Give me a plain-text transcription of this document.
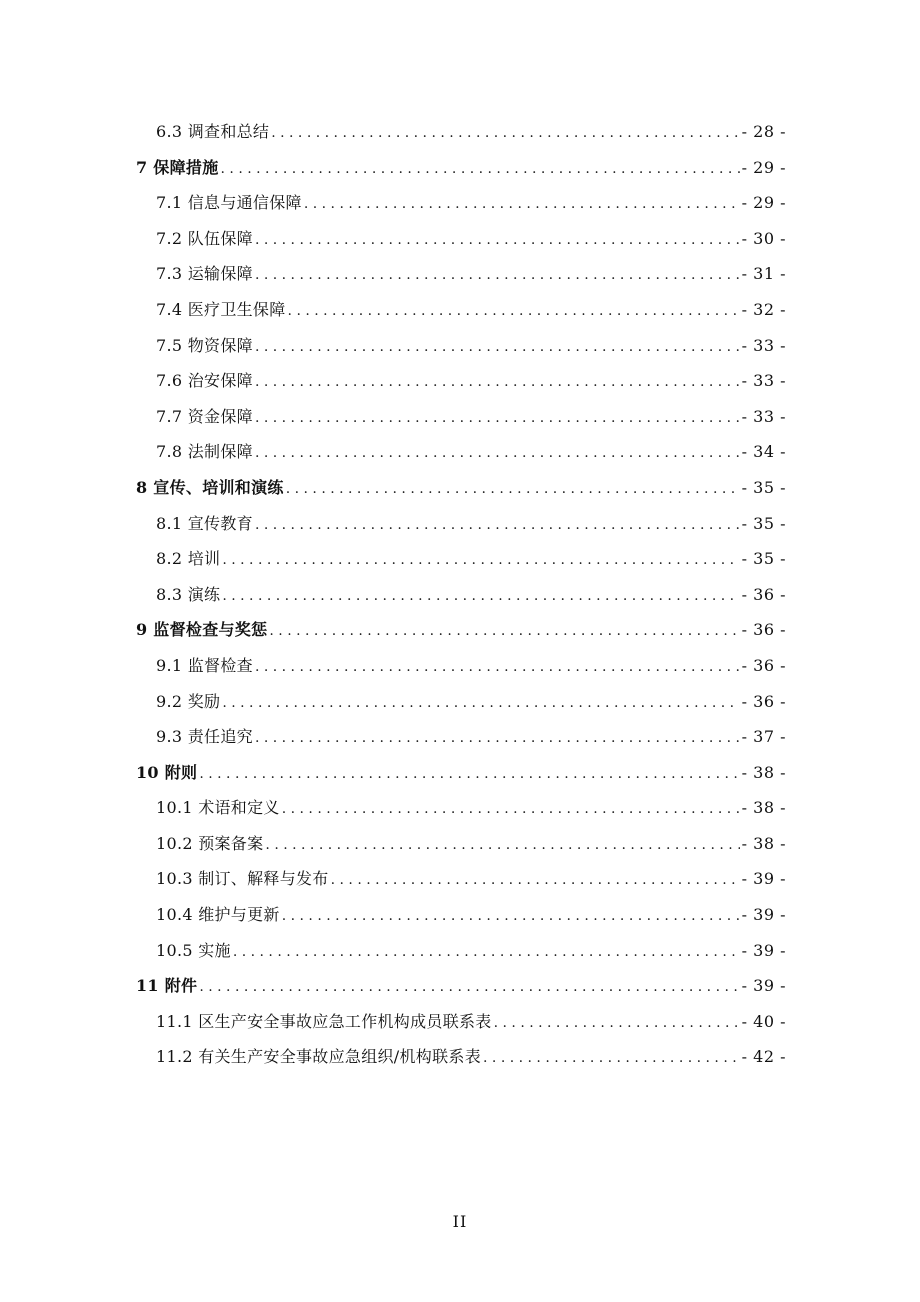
6.3 调查和总结 . . .	- 28 -
7 保障措施 . . .	- 29 -
7.1 信息与通信保障 . . .	- 29 -
7.2 队伍保障 . . .	- 30 -
7.3 运输保障 . . .	- 31 -
7.4 医疗卫生保障 . . .	- 32 -
7.5 物资保障 . . .	- 33 -
7.6 治安保障 . . .	- 33 -
7.7 资金保障 . . .	- 33 -
7.8 法制保障 . . .	- 34 -
8 宣传、培训和演练 . . .	- 35 -
8.1 宣传教育 . . .	- 35 -
8.2 培训 . . .	- 35 -
8.3 演练 . . .	- 36 -
9 监督检查与奖惩 . . .	- 36 -
9.1 监督检查 . . .	- 36 -
9.2 奖励 . . .	- 36 -
9.3 责任追究 . . .	- 37 -
10 附则 . . .	- 38 -
10.1 术语和定义 . . .	- 38 -
10.2 预案备案 . . .	- 38 -
10.3 制订、解释与发布 . . .	- 39 -
10.4 维护与更新 . . .	- 39 -
10.5 实施 . . .	- 39 -
11 附件 . . .	- 39 -
11.1 区生产安全事故应急工作机构成员联系表 . . .	- 40 -
11.2 有关生产安全事故应急组织/机构联系表 . . .	- 42 -
II
